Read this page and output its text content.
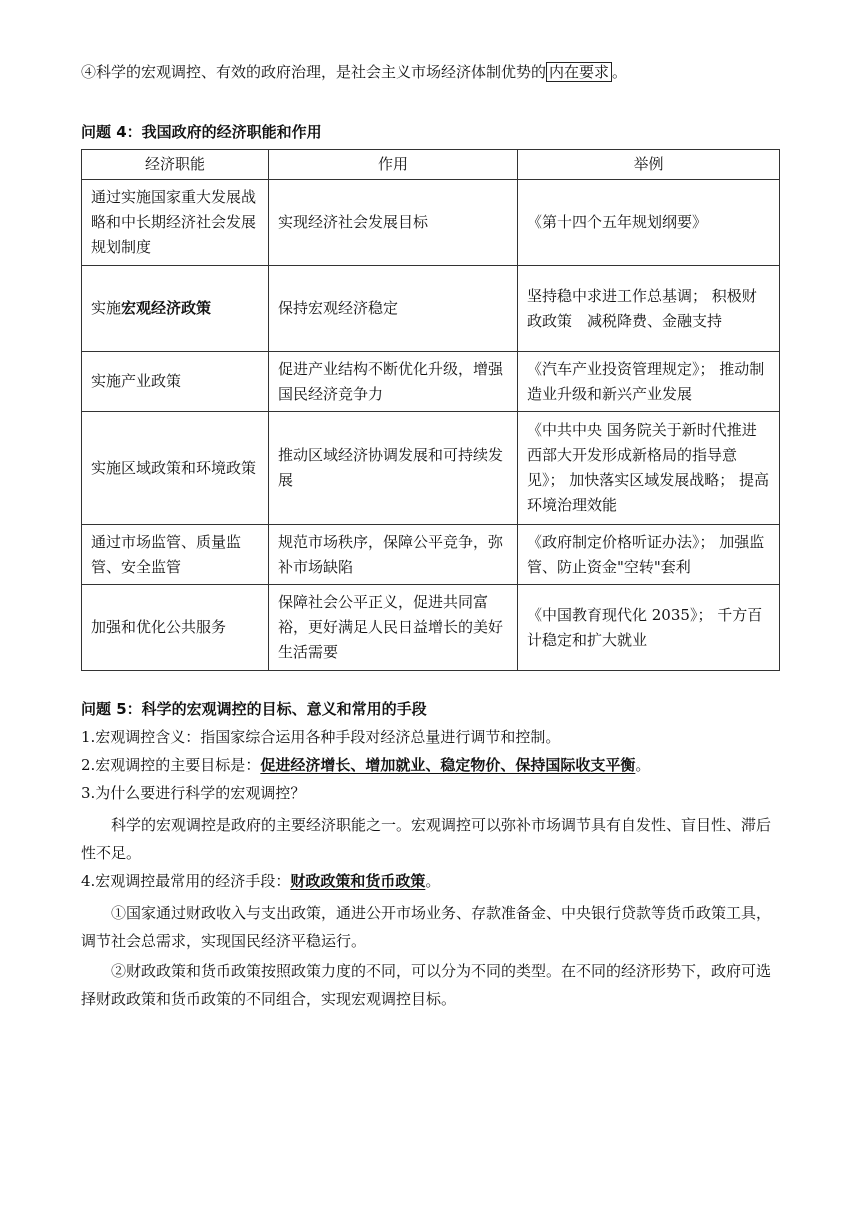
④科学的宏观调控、有效的政府治理，是社会主义市场经济体制优势的 内在要求 。
问题 4：我国政府的经济职能和作用
经济职能	作用	举例
通过实施国家重大发展战略和中长期经济社会发展规划制度	实现经济社会发展目标	《第十四个五年规划纲要》
实施宏观经济政策	保持宏观经济稳定	坚持稳中求进工作总基调； 积极财政政策　减税降费、金融支持
实施产业政策	促进产业结构不断优化升级，增强国民经济竞争力	《汽车产业投资管理规定》； 推动制造业升级和新兴产业发展
实施区域政策和环境政策	推动区域经济协调发展和可持续发展	《中共中央 国务院关于新时代推进西部大开发形成新格局的指导意见》； 加快落实区域发展战略； 提高环境治理效能
通过市场监管、质量监管、安全监管	规范市场秩序，保障公平竞争，弥补市场缺陷	《政府制定价格听证办法》； 加强监管、防止资金"空转"套利
加强和优化公共服务	保障社会公平正义，促进共同富裕，更好满足人民日益增长的美好生活需要	《中国教育现代化 2035》； 千方百计稳定和扩大就业
问题 5：科学的宏观调控的目标、意义和常用的手段
1.宏观调控含义：指国家综合运用各种手段对经济总量进行调节和控制。
2.宏观调控的主要目标是：促进经济增长、增加就业、稳定物价、保持国际收支平衡。
3.为什么要进行科学的宏观调控？
科学的宏观调控是政府的主要经济职能之一。宏观调控可以弥补市场调节具有自发性、盲目性、滞后性不足。
4.宏观调控最常用的经济手段：财政政策和货币政策。
①国家通过财政收入与支出政策，通进公开市场业务、存款准备金、中央银行贷款等货币政策工具，调节社会总需求，实现国民经济平稳运行。
②财政政策和货币政策按照政策力度的不同，可以分为不同的类型。在不同的经济形势下，政府可选择财政政策和货币政策的不同组合，实现宏观调控目标。
